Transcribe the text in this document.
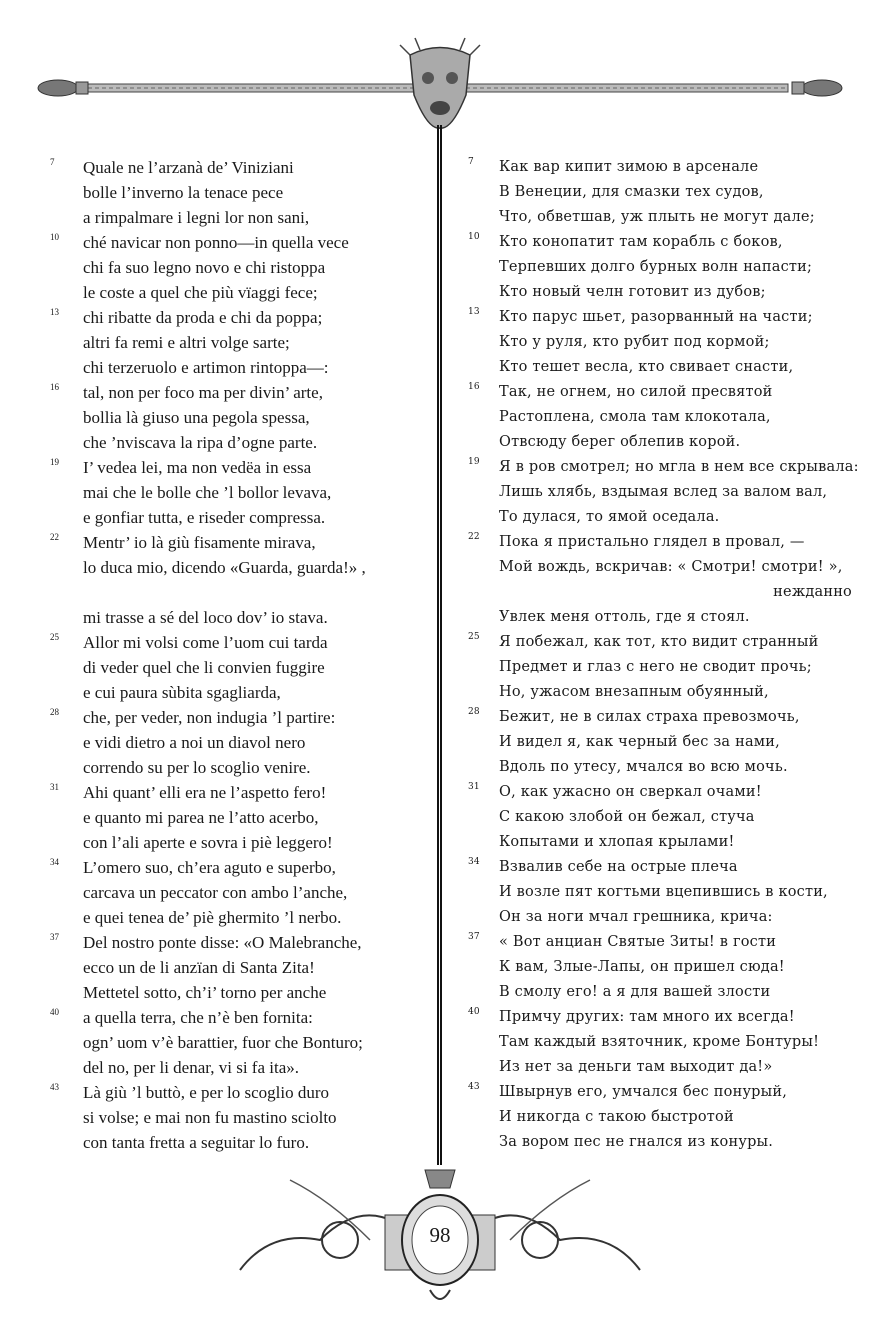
7	Quale ne l’arzanà de’ Viniziani
bolle l’inverno la tenace pece
a rimpalmare i legni lor non sani,
10	ché navicar non ponno—in quella vece
chi fa suo legno novo e chi ristoppa
le coste a quel che più vïaggi fece;
13	chi ribatte da proda e chi da poppa;
altri fa remi e altri volge sarte;
chi terzeruolo e artimon rintoppa—:
16	tal, non per foco ma per divin’ arte,
bollia là giuso una pegola spessa,
che ’nviscava la ripa d’ogne parte.
19	I’ vedea lei, ma non vedëa in essa
mai che le bolle che ’l bollor levava,
e gonfiar tutta, e riseder compressa.
22	Mentr’ io là giù fisamente mirava,
lo duca mio, dicendo «Guarda, guarda!» ,
mi trasse a sé del loco dov’ io stava.
25	Allor mi volsi come l’uom cui tarda
di veder quel che li convien fuggire
e cui paura sùbita sgagliarda,
28	che, per veder, non indugia ’l partire:
e vidi dietro a noi un diavol nero
correndo su per lo scoglio venire.
31	Ahi quant’ elli era ne l’aspetto fero!
e quanto mi parea ne l’atto acerbo,
con l’ali aperte e sovra i piè leggero!
34	L’omero suo, ch’era aguto e superbo,
carcava un peccator con ambo l’anche,
e quei tenea de’ piè ghermito ’l nerbo.
37	Del nostro ponte disse: «O Malebranche,
ecco un de li anzïan di Santa Zita!
Mettetel sotto, ch’i’ torno per anche
40	a quella terra, che n’è ben fornita:
ogn’ uom v’è barattier, fuor che Bonturo;
del no, per li denar, vi si fa ita».
43	Là giù ’l buttò, e per lo scoglio duro
si volse; e mai non fu mastino sciolto
con tanta fretta a seguitar lo furo.
7	Как вар кипит зимою в арсенале
В Венеции, для смазки тех судов,
Что, обветшав, уж плыть не могут дале;
10	Кто конопатит там корабль с боков,
Терпевших долго бурных волн напасти;
Кто новый челн готовит из дубов;
13	Кто парус шьет, разорванный на части;
Кто у руля, кто рубит под кормой;
Кто тешет весла, кто свивает снасти,
16	Так, не огнем, но силой пресвятой
Растоплена, смола там клокотала,
Отвсюду берег облепив корой.
19	Я в ров смотрел; но мгла в нем все скрывала:
Лишь хлябь, вздымая вслед за валом вал,
То дулася, то ямой оседала.
22	Пока я пристально глядел в провал, —
Мой вождь, вскричав: « Смотри! смотри! »,
нежданно
Увлек меня оттоль, где я стоял.
25	Я побежал, как тот, кто видит странный
Предмет и глаз с него не сводит прочь;
Но, ужасом внезапным обуянный,
28	Бежит, не в силах страха превозмочь,
И видел я, как черный бес за нами,
Вдоль по утесу, мчался во всю мочь.
31	О, как ужасно он сверкал очами!
С какою злобой он бежал, стуча
Копытами и хлопая крылами!
34	Взвалив себе на острые плеча
И возле пят когтьми вцепившись в кости,
Он за ноги мчал грешника, крича:
37	« Вот анциан Святые Зиты! в гости
К вам, Злые-Лапы, он пришел сюда!
В смолу его! а я для вашей злости
40	Примчу других: там много их всегда!
Там каждый взяточник, кроме Бонтуры!
Из нет за деньги там выходит да!»
43	Швырнув его, умчался бес понурый,
И никогда с такою быстротой
За вором пес не гнался из конуры.
98
